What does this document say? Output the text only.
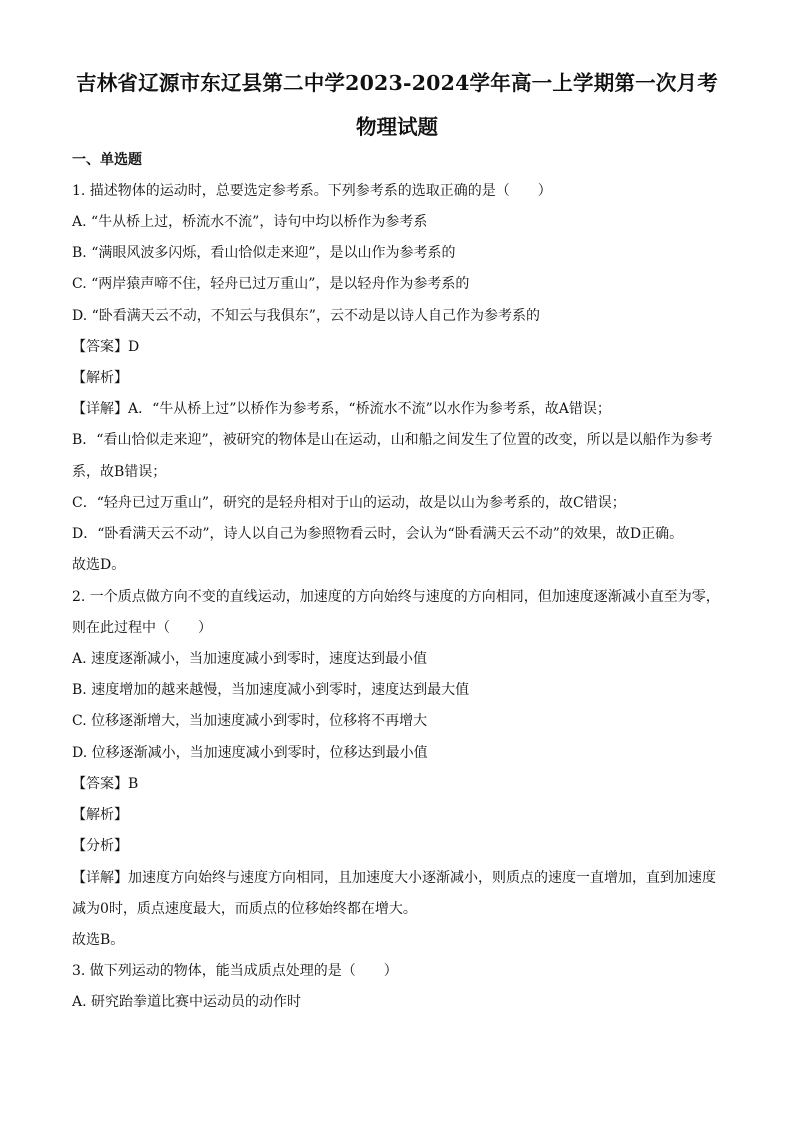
吉林省辽源市东辽县第二中学2023-2024学年高一上学期第一次月考
物理试题
一、单选题
1. 描述物体的运动时，总要选定参考系。下列参考系的选取正确的是（　　）
A. “牛从桥上过，桥流水不流”，诗句中均以桥作为参考系
B. “满眼风波多闪烁，看山恰似走来迎”，是以山作为参考系的
C. “两岸猿声啼不住，轻舟已过万重山”，是以轻舟作为参考系的
D. “卧看满天云不动，不知云与我俱东”，云不动是以诗人自己作为参考系的
【答案】D
【解析】
【详解】A．“牛从桥上过”以桥作为参考系，“桥流水不流”以水作为参考系，故A错误；
B．“看山恰似走来迎”，被研究的物体是山在运动，山和船之间发生了位置的改变，所以是以船作为参考
系，故B错误；
C．“轻舟已过万重山”，研究的是轻舟相对于山的运动，故是以山为参考系的，故C错误；
D．“卧看满天云不动”，诗人以自己为参照物看云时，会认为“卧看满天云不动”的效果，故D正确。
故选D。
2. 一个质点做方向不变的直线运动，加速度的方向始终与速度的方向相同，但加速度逐渐减小直至为零，
则在此过程中（　　）
A. 速度逐渐减小，当加速度减小到零时，速度达到最小值
B. 速度增加的越来越慢，当加速度减小到零时，速度达到最大值
C. 位移逐渐增大，当加速度减小到零时，位移将不再增大
D. 位移逐渐减小，当加速度减小到零时，位移达到最小值
【答案】B
【解析】
【分析】
【详解】加速度方向始终与速度方向相同，且加速度大小逐渐减小，则质点的速度一直增加，直到加速度
减为0时，质点速度最大，而质点的位移始终都在增大。
故选B。
3. 做下列运动的物体，能当成质点处理的是（　　）
A. 研究跆拳道比赛中运动员的动作时
